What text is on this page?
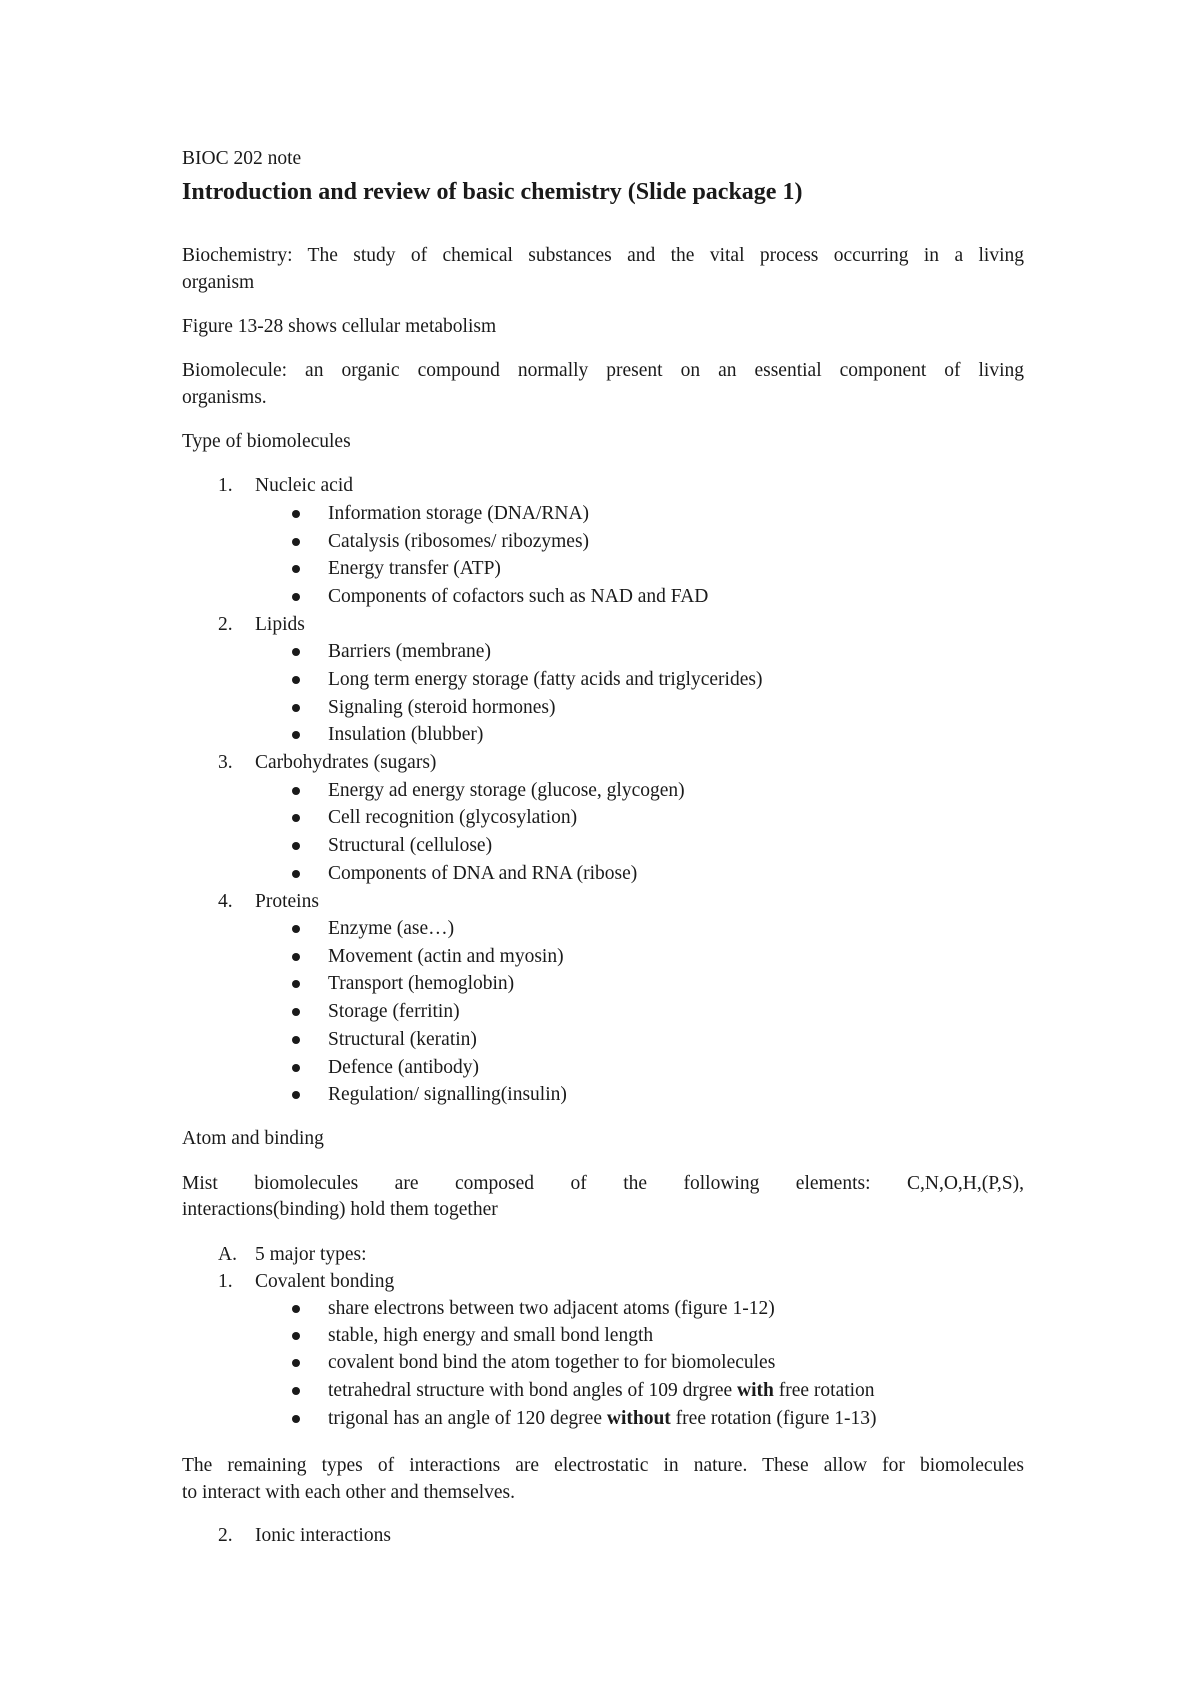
BIOC 202 note
Introduction and review of basic chemistry (Slide package 1)
Biochemistry: The study of chemical substances and the vital process occurring in a living
organism
Figure 13-28 shows cellular metabolism
Biomolecule: an organic compound normally present on an essential component of living
organisms.
Type of biomolecules
1. Nucleic acid
Information storage (DNA/RNA)
Catalysis (ribosomes/ ribozymes)
Energy transfer (ATP)
Components of cofactors such as NAD and FAD
2. Lipids
Barriers (membrane)
Long term energy storage (fatty acids and triglycerides)
Signaling (steroid hormones)
Insulation (blubber)
3. Carbohydrates (sugars)
Energy ad energy storage (glucose, glycogen)
Cell recognition (glycosylation)
Structural (cellulose)
Components of DNA and RNA (ribose)
4. Proteins
Enzyme (ase…)
Movement (actin and myosin)
Transport (hemoglobin)
Storage (ferritin)
Structural (keratin)
Defence (antibody)
Regulation/ signalling(insulin)
Atom and binding
Mist biomolecules are composed of the following elements: C,N,O,H,(P,S),
interactions(binding) hold them together
A. 5 major types:
1. Covalent bonding
share electrons between two adjacent atoms (figure 1-12)
stable, high energy and small bond length
covalent bond bind the atom together to for biomolecules
tetrahedral structure with bond angles of 109 drgree with free rotation
trigonal has an angle of 120 degree without free rotation (figure 1-13)
The remaining types of interactions are electrostatic in nature. These allow for biomolecules
to interact with each other and themselves.
2. Ionic interactions
